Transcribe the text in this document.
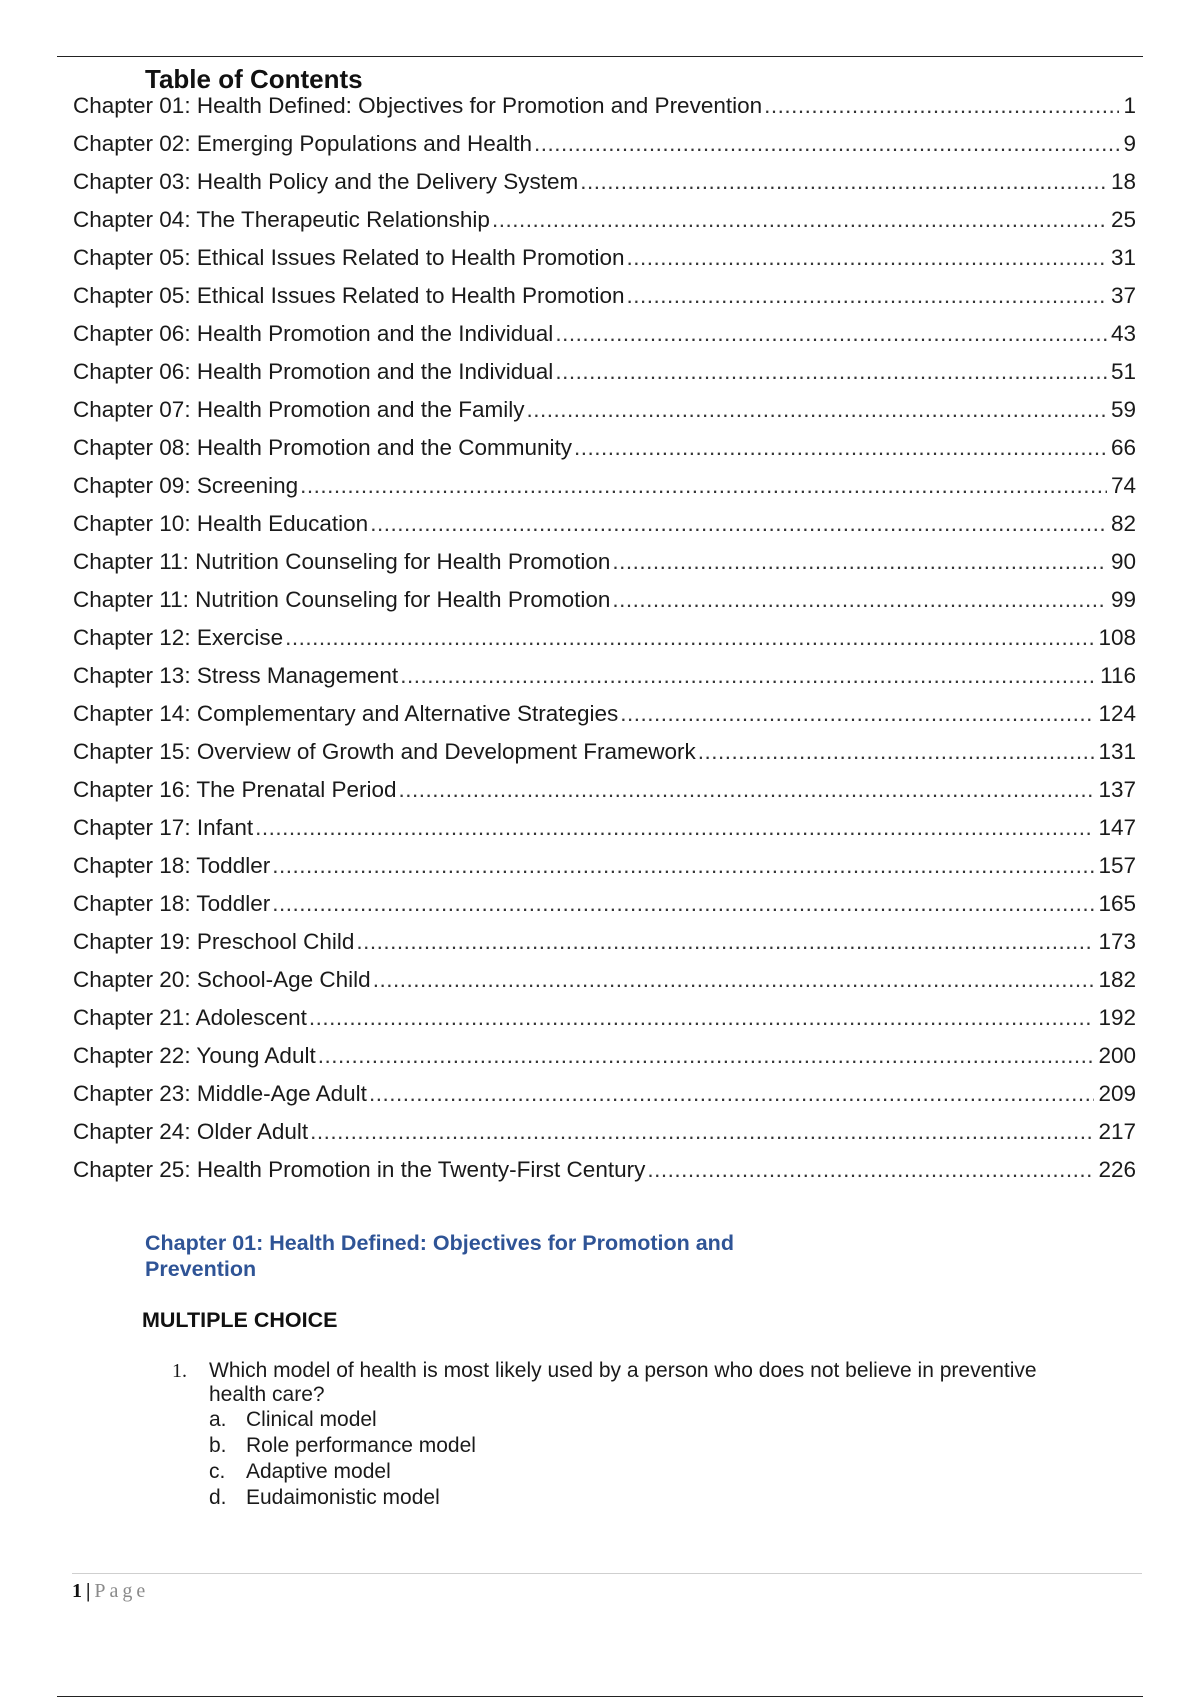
Table of Contents
Chapter 01: Health Defined: Objectives for Promotion and Prevention .....	1
Chapter 02: Emerging Populations and Health .....	9
Chapter 03: Health Policy and the Delivery System .....	18
Chapter 04: The Therapeutic Relationship .....	25
Chapter 05: Ethical Issues Related to Health Promotion .....	31
Chapter 05: Ethical Issues Related to Health Promotion .....	37
Chapter 06: Health Promotion and the Individual .....	43
Chapter 06: Health Promotion and the Individual .....	51
Chapter 07: Health Promotion and the Family .....	59
Chapter 08: Health Promotion and the Community .....	66
Chapter 09: Screening .....	74
Chapter 10: Health Education .....	82
Chapter 11: Nutrition Counseling for Health Promotion .....	90
Chapter 11: Nutrition Counseling for Health Promotion .....	99
Chapter 12: Exercise .....	108
Chapter 13: Stress Management .....	116
Chapter 14: Complementary and Alternative Strategies .....	124
Chapter 15: Overview of Growth and Development Framework .....	131
Chapter 16: The Prenatal Period .....	137
Chapter 17: Infant .....	147
Chapter 18: Toddler .....	157
Chapter 18: Toddler .....	165
Chapter 19: Preschool Child .....	173
Chapter 20: School-Age Child .....	182
Chapter 21: Adolescent .....	192
Chapter 22: Young Adult .....	200
Chapter 23: Middle-Age Adult .....	209
Chapter 24: Older Adult .....	217
Chapter 25: Health Promotion in the Twenty-First Century .....	226
Chapter 01: Health Defined: Objectives for Promotion and
Prevention
MULTIPLE CHOICE
1. Which model of health is most likely used by a person who does not believe in preventive health care?
a. Clinical model
b. Role performance model
c. Adaptive model
d. Eudaimonistic model
1 | Page
